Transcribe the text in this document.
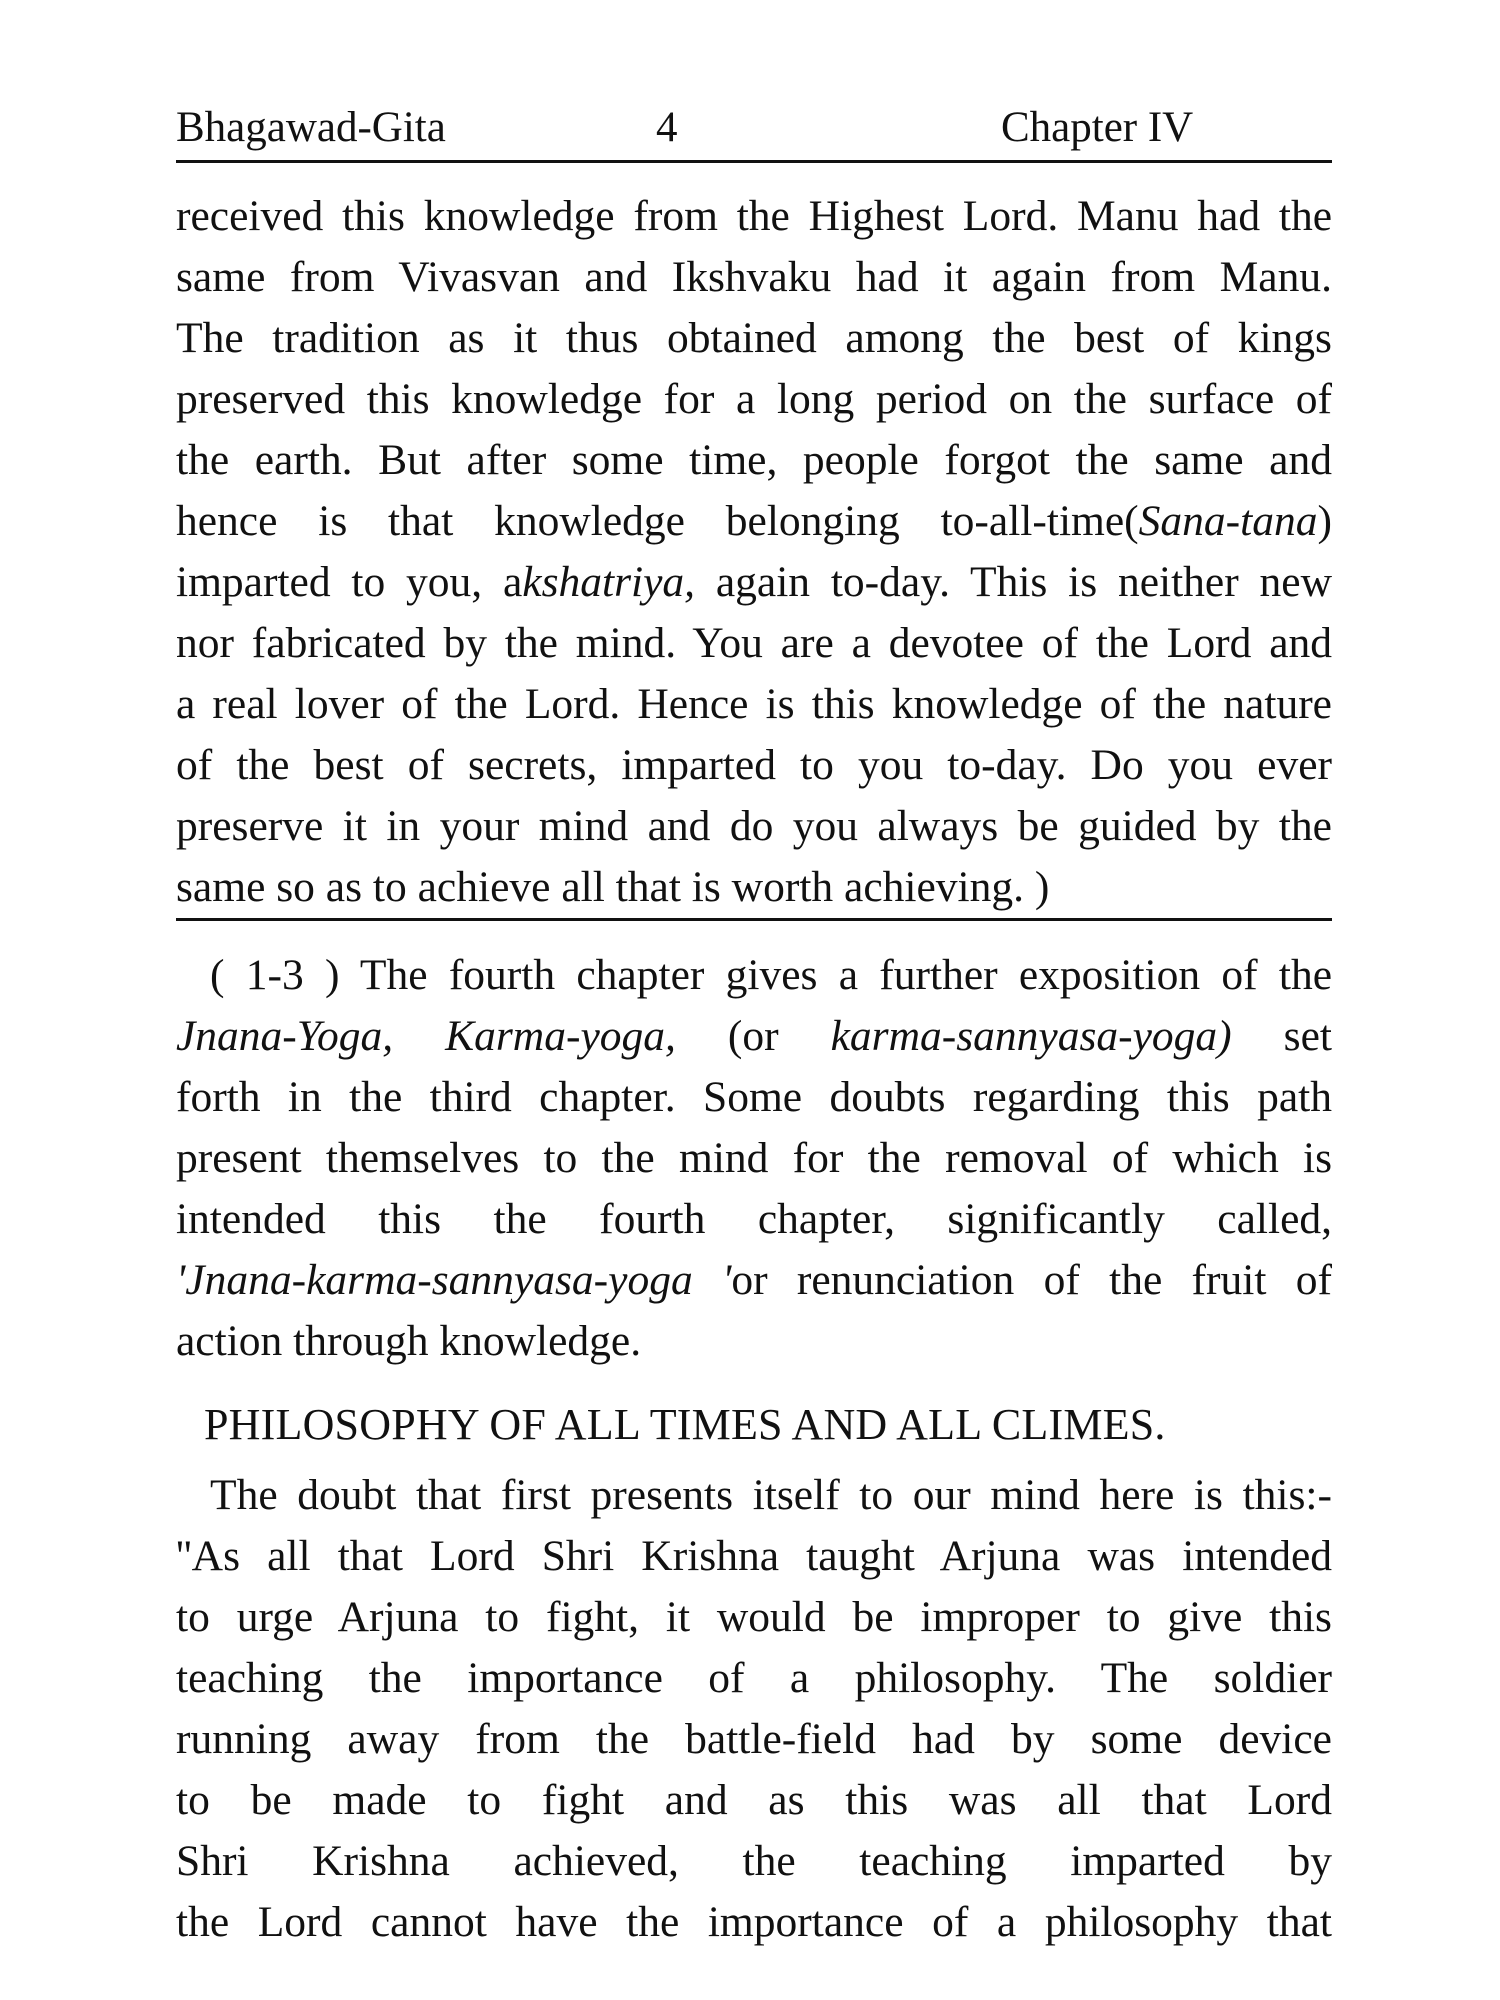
Bhagawad-Gita	4	Chapter IV
received this knowledge from the Highest Lord. Manu had the
same from Vivasvan and Ikshvaku had it again from Manu.
The tradition as it thus obtained among the best of kings
preserved this knowledge for a long period on the surface of
the earth. But after some time, people forgot the same and
hence is that knowledge belonging to-all-time(Sana-tana)
imparted to you, akshatriya, again to-day. This is neither new
nor fabricated by the mind. You are a devotee of the Lord and
a real lover of the Lord. Hence is this knowledge of the nature
of the best of secrets, imparted to you to-day. Do you ever
preserve it in your mind and do you always be guided by the
same so as to achieve all that is worth achieving. )
( 1-3 ) The fourth chapter gives a further exposition of the
Jnana-Yoga, Karma-yoga, (or karma-sannyasa-yoga) set
forth in the third chapter. Some doubts regarding this path
present themselves to the mind for the removal of which is
intended this the fourth chapter, significantly called,
'Jnana-karma-sannyasa-yoga 'or renunciation of the fruit of
action through knowledge.
PHILOSOPHY OF ALL TIMES AND ALL CLIMES.
The doubt that first presents itself to our mind here is this:-
''As all that Lord Shri Krishna taught Arjuna was intended
to urge Arjuna to fight, it would be improper to give this
teaching the importance of a philosophy. The soldier
running away from the battle-field had by some device
to be made to fight and as this was all that Lord
Shri Krishna achieved, the teaching imparted by
the Lord cannot have the importance of a philosophy that
